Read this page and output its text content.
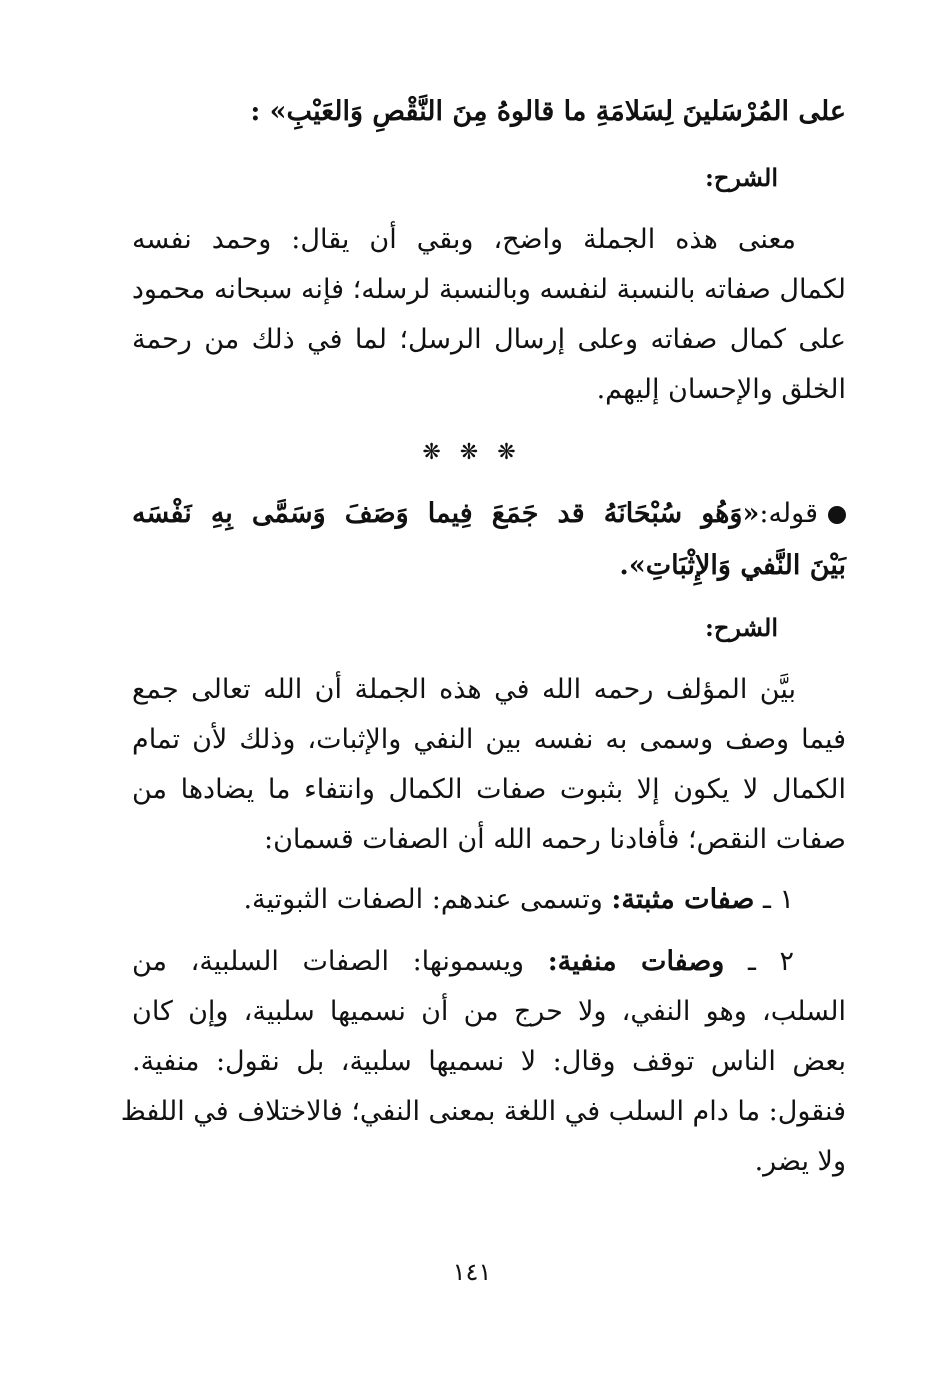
على المُرْسَلينَ لِسَلامَةِ ما قالوهُ مِنَ النَّقْصِ وَالعَيْبِ» :
الشرح:
معنى هذه الجملة واضح، وبقي أن يقال: وحمد نفسه
لكمال صفاته بالنسبة لنفسه وبالنسبة لرسله؛ فإنه سبحانه محمود
على كمال صفاته وعلى إرسال الرسل؛ لما في ذلك من رحمة
الخلق والإحسان إليهم.
❋ ❋ ❋
قوله:«وَهُو سُبْحَانَهُ قد جَمَعَ فِيما وَصَفَ وَسَمَّى بِهِ نَفْسَه
بَيْنَ النَّفي وَالإِثْبَاتِ».
الشرح:
بيَّن المؤلف رحمه الله في هذه الجملة أن الله تعالى جمع
فيما وصف وسمى به نفسه بين النفي والإثبات، وذلك لأن تمام
الكمال لا يكون إلا بثبوت صفات الكمال وانتفاء ما يضادها من
صفات النقص؛ فأفادنا رحمه الله أن الصفات قسمان:
١ ـ صفات مثبتة: وتسمى عندهم: الصفات الثبوتية.
٢ ـ وصفات منفية: ويسمونها: الصفات السلبية، من
السلب، وهو النفي، ولا حرج من أن نسميها سلبية، وإن كان
بعض الناس توقف وقال: لا نسميها سلبية، بل نقول: منفية.
فنقول: ما دام السلب في اللغة بمعنى النفي؛ فالاختلاف في اللفظ
ولا يضر.
١٤١
